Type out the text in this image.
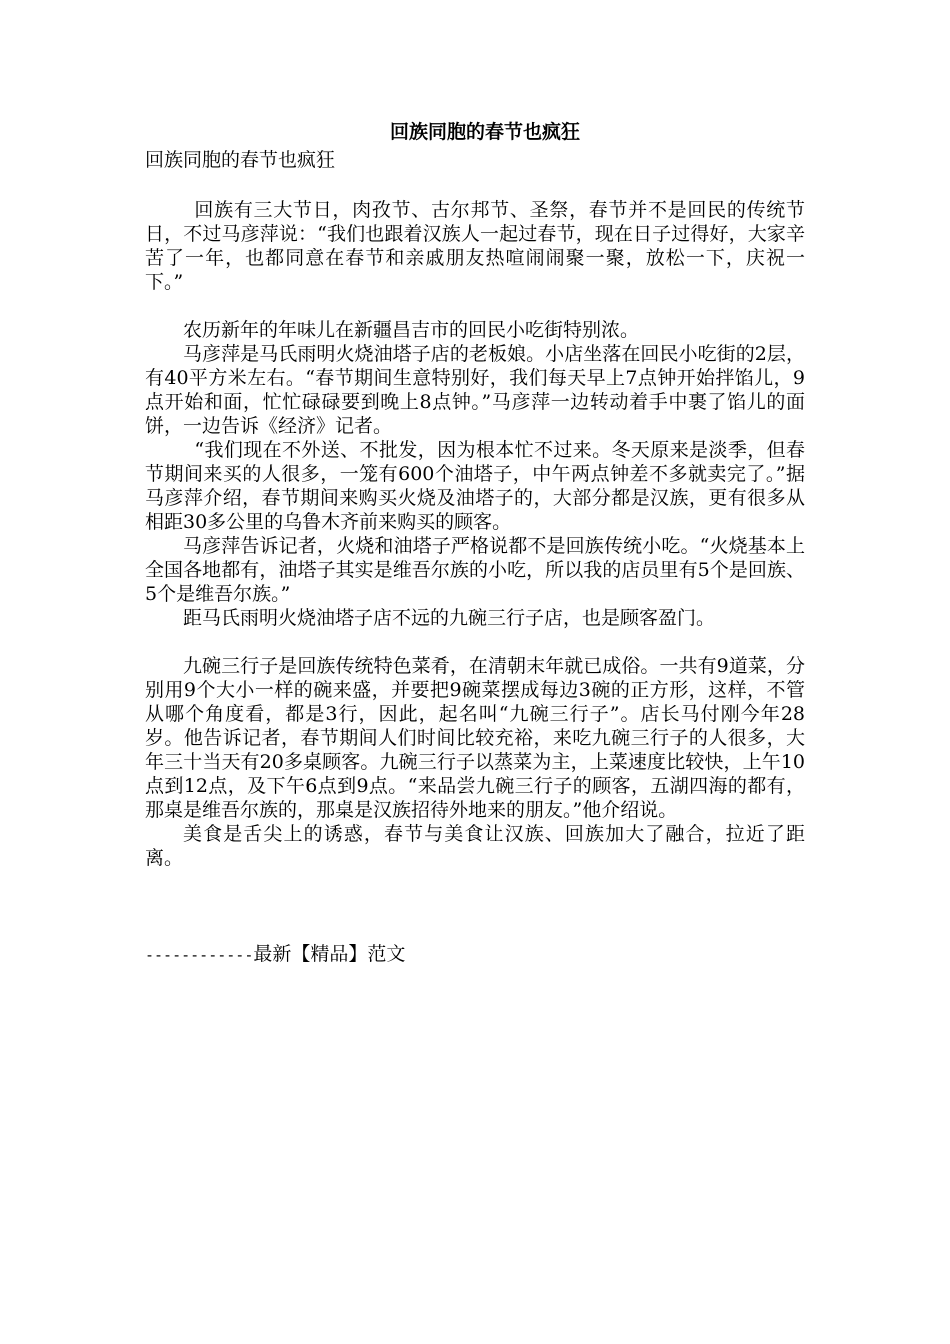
回族同胞的春节也疯狂
回族同胞的春节也疯狂

回族有三大节日，肉孜节、古尔邦节、圣祭，春节并不是回民的传统节日，不过马彦萍说：“我们也跟着汉族人一起过春节，现在日子过得好，大家辛苦了一年，也都同意在春节和亲戚朋友热喧闹闹聚一聚，放松一下，庆祝一下。”

农历新年的年味儿在新疆昌吉市的回民小吃街特别浓。

马彦萍是马氏雨明火烧油塔子店的老板娘。小店坐落在回民小吃街的2层，有40平方米左右。“春节期间生意特别好，我们每天早上7点钟开始拌馅儿，9点开始和面，忙忙碌碌要到晚上8点钟。”马彦萍一边转动着手中裹了馅儿的面饼，一边告诉《经济》记者。

“我们现在不外送、不批发，因为根本忙不过来。冬天原来是淡季，但春节期间来买的人很多，一笼有600个油塔子，中午两点钟差不多就卖完了。”据马彦萍介绍，春节期间来购买火烧及油塔子的，大部分都是汉族，更有很多从相距30多公里的乌鲁木齐前来购买的顾客。

马彦萍告诉记者，火烧和油塔子严格说都不是回族传统小吃。“火烧基本上全国各地都有，油塔子其实是维吾尔族的小吃，所以我的店员里有5个是回族、5个是维吾尔族。”

距马氏雨明火烧油塔子店不远的九碗三行子店，也是顾客盈门。

九碗三行子是回族传统特色菜肴，在清朝末年就已成俗。一共有9道菜，分别用9个大小一样的碗来盛，并要把9碗菜摆成每边3碗的正方形，这样，不管从哪个角度看，都是3行，因此，起名叫“九碗三行子”。店长马付刚今年28岁。他告诉记者，春节期间人们时间比较充裕，来吃九碗三行子的人很多，大年三十当天有20多桌顾客。九碗三行子以蒸菜为主，上菜速度比较快，上午10点到12点，及下午6点到9点。“来品尝九碗三行子的顾客，五湖四海的都有，那桌是维吾尔族的，那桌是汉族招待外地来的朋友。”他介绍说。

美食是舌尖上的诱惑，春节与美食让汉族、回族加大了融合，拉近了距离。

------------最新【精品】范文
